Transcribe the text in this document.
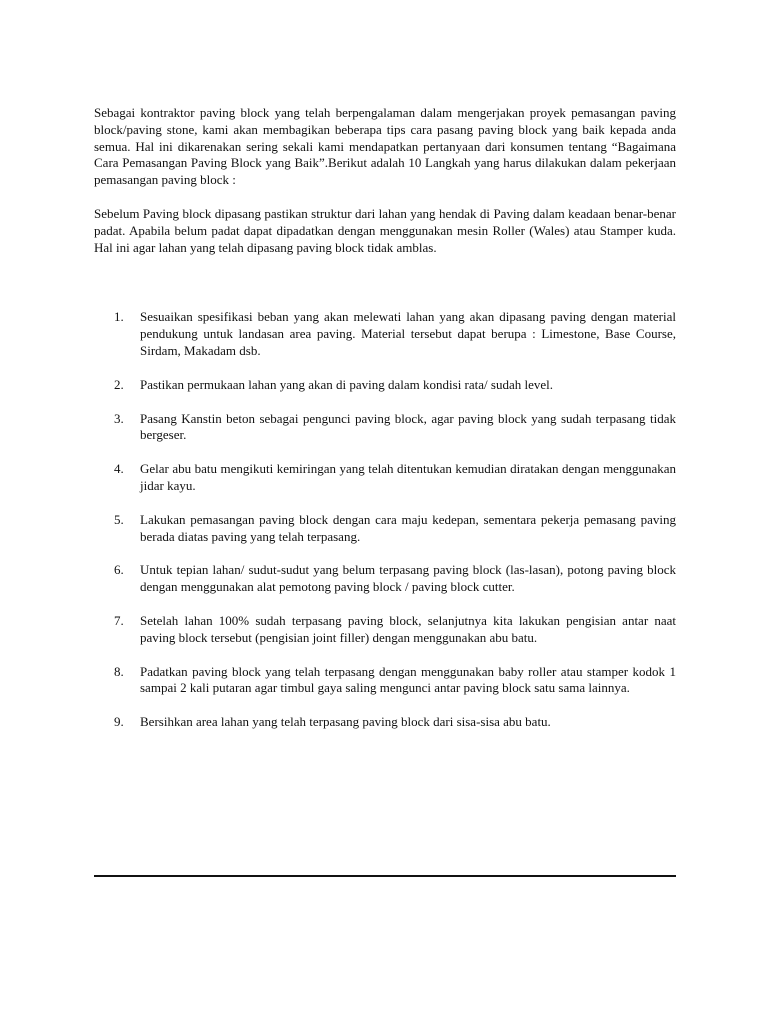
Sebagai kontraktor paving block yang telah berpengalaman dalam mengerjakan proyek pemasangan paving block/paving stone, kami akan membagikan beberapa tips cara pasang paving block yang baik kepada anda semua. Hal ini dikarenakan sering sekali kami mendapatkan pertanyaan dari konsumen tentang “Bagaimana Cara Pemasangan Paving Block yang Baik”.Berikut adalah 10 Langkah yang harus dilakukan dalam pekerjaan pemasangan paving block :

Sebelum Paving block dipasang pastikan struktur dari lahan yang hendak di Paving dalam keadaan benar-benar padat. Apabila belum padat dapat dipadatkan dengan menggunakan mesin Roller (Wales) atau Stamper kuda. Hal ini agar lahan yang telah dipasang paving block tidak amblas.

1. Sesuaikan spesifikasi beban yang akan melewati lahan yang akan dipasang paving dengan material pendukung untuk landasan area paving. Material tersebut dapat berupa : Limestone, Base Course, Sirdam, Makadam dsb.
2. Pastikan permukaan lahan yang akan di paving dalam kondisi rata/ sudah level.
3. Pasang Kanstin beton sebagai pengunci paving block, agar paving block yang sudah terpasang tidak bergeser.
4. Gelar abu batu mengikuti kemiringan yang telah ditentukan kemudian diratakan dengan menggunakan jidar kayu.
5. Lakukan pemasangan paving block dengan cara maju kedepan, sementara pekerja pemasang paving berada diatas paving yang telah terpasang.
6. Untuk tepian lahan/ sudut-sudut yang belum terpasang paving block (las-lasan), potong paving block dengan menggunakan alat pemotong paving block / paving block cutter.
7. Setelah lahan 100% sudah terpasang paving block, selanjutnya kita lakukan pengisian antar naat paving block tersebut (pengisian joint filler) dengan menggunakan abu batu.
8. Padatkan paving block yang telah terpasang dengan menggunakan baby roller atau stamper kodok 1 sampai 2 kali putaran agar timbul gaya saling mengunci antar paving block satu sama lainnya.
9. Bersihkan area lahan yang telah terpasang paving block dari sisa-sisa abu batu.
